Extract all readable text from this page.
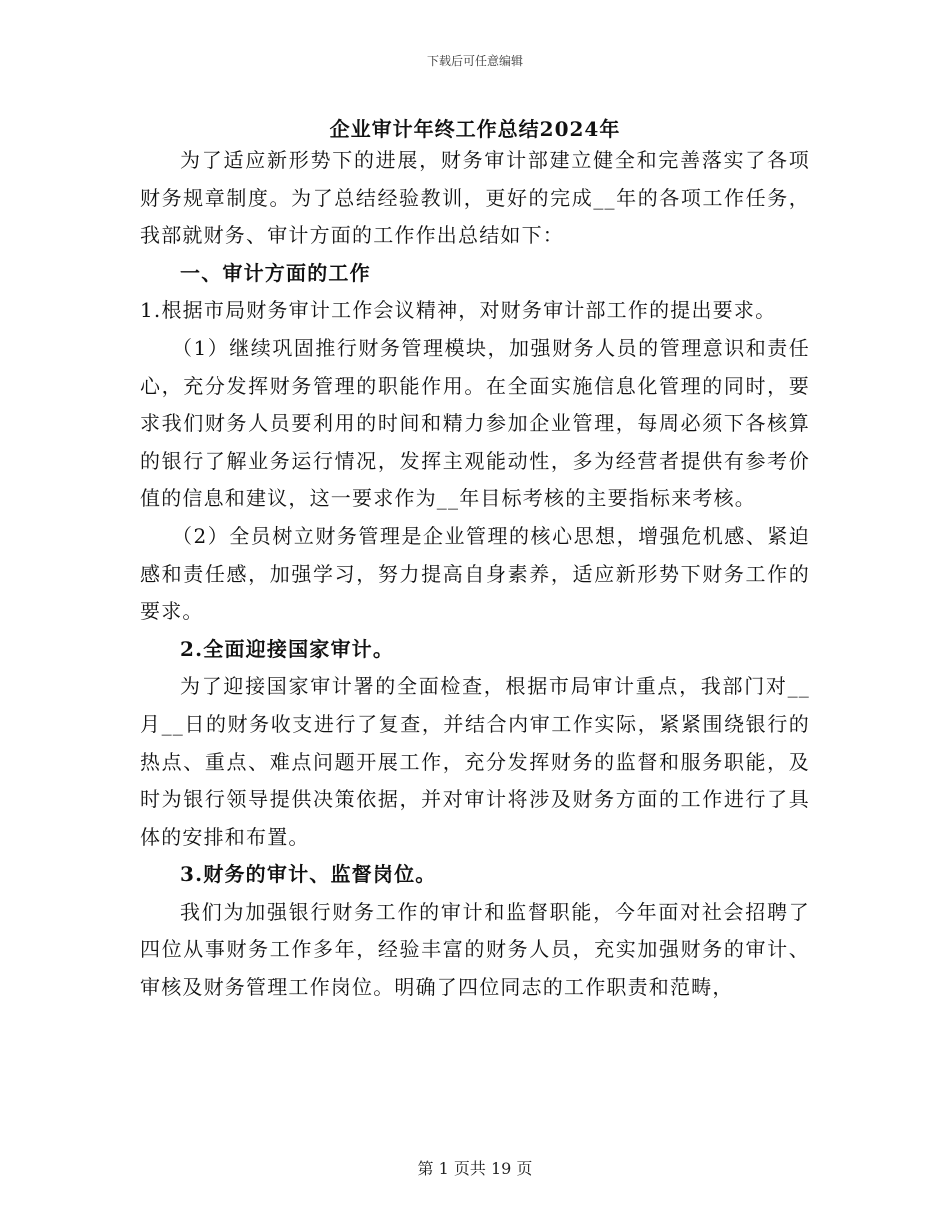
下载后可任意编辑
企业审计年终工作总结2024年

为了适应新形势下的进展，财务审计部建立健全和完善落实了各项财务规章制度。为了总结经验教训，更好的完成__年的各项工作任务，我部就财务、审计方面的工作作出总结如下：

一、审计方面的工作

1.根据市局财务审计工作会议精神，对财务审计部工作的提出要求。

（1）继续巩固推行财务管理模块，加强财务人员的管理意识和责任心，充分发挥财务管理的职能作用。在全面实施信息化管理的同时，要求我们财务人员要利用的时间和精力参加企业管理，每周必须下各核算的银行了解业务运行情况，发挥主观能动性，多为经营者提供有参考价值的信息和建议，这一要求作为__年目标考核的主要指标来考核。

（2）全员树立财务管理是企业管理的核心思想，增强危机感、紧迫感和责任感，加强学习，努力提高自身素养，适应新形势下财务工作的要求。

2.全面迎接国家审计。

为了迎接国家审计署的全面检查，根据市局审计重点，我部门对__月__日的财务收支进行了复查，并结合内审工作实际，紧紧围绕银行的热点、重点、难点问题开展工作，充分发挥财务的监督和服务职能，及时为银行领导提供决策依据，并对审计将涉及财务方面的工作进行了具体的安排和布置。

3.财务的审计、监督岗位。

我们为加强银行财务工作的审计和监督职能，今年面对社会招聘了四位从事财务工作多年，经验丰富的财务人员，充实加强财务的审计、审核及财务管理工作岗位。明确了四位同志的工作职责和范畴，

第 1 页共 19 页
